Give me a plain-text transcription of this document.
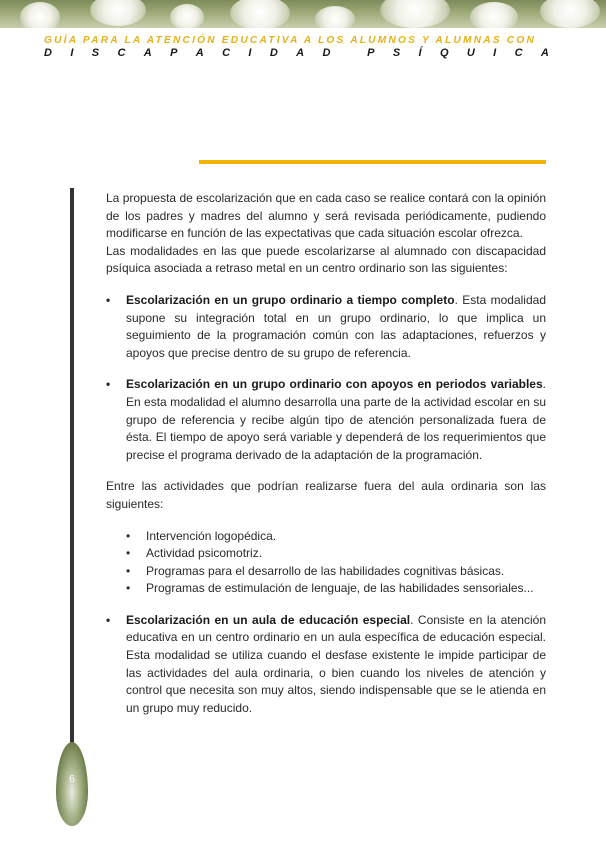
GUÍA PARA LA ATENCIÓN EDUCATIVA A LOS ALUMNOS Y ALUMNAS CON
D I S C A P A C I D A D	P S Í Q U I C A
6

La propuesta de escolarización que en cada caso se realice contará con la opinión de los padres y madres del alumno y será revisada periódicamente, pudiendo modificarse en función de las expectativas que cada situación escolar ofrezca.

Las modalidades en las que puede escolarizarse al alumnado con discapacidad psíquica asociada a retraso metal en un centro ordinario son las siguientes:

• Escolarización en un grupo ordinario a tiempo completo. Esta modalidad supone su integración total en un grupo ordinario, lo que implica un seguimiento de la programación común con las adaptaciones, refuerzos y apoyos que precise dentro de su grupo de referencia.
• Escolarización en un grupo ordinario con apoyos en periodos variables. En esta modalidad el alumno desarrolla una parte de la actividad escolar en su grupo de referencia y recibe algún tipo de atención personalizada fuera de ésta. El tiempo de apoyo será variable y dependerá de los requerimientos que precise el programa derivado de la adaptación de la programación.

Entre las actividades que podrían realizarse fuera del aula ordinaria son las siguientes:

• Intervención logopédica.
• Actividad psicomotriz.
• Programas para el desarrollo de las habilidades cognitivas básicas.
• Programas de estimulación de lenguaje, de las habilidades sensoriales...
• Escolarización en un aula de educación especial. Consiste en la atención educativa en un centro ordinario en un aula específica de educación especial. Esta modalidad se utiliza cuando el desfase existente le impide participar de las actividades del aula ordinaria, o bien cuando los niveles de atención y control que necesita son muy altos, siendo indispensable que se le atienda en un grupo muy reducido.
